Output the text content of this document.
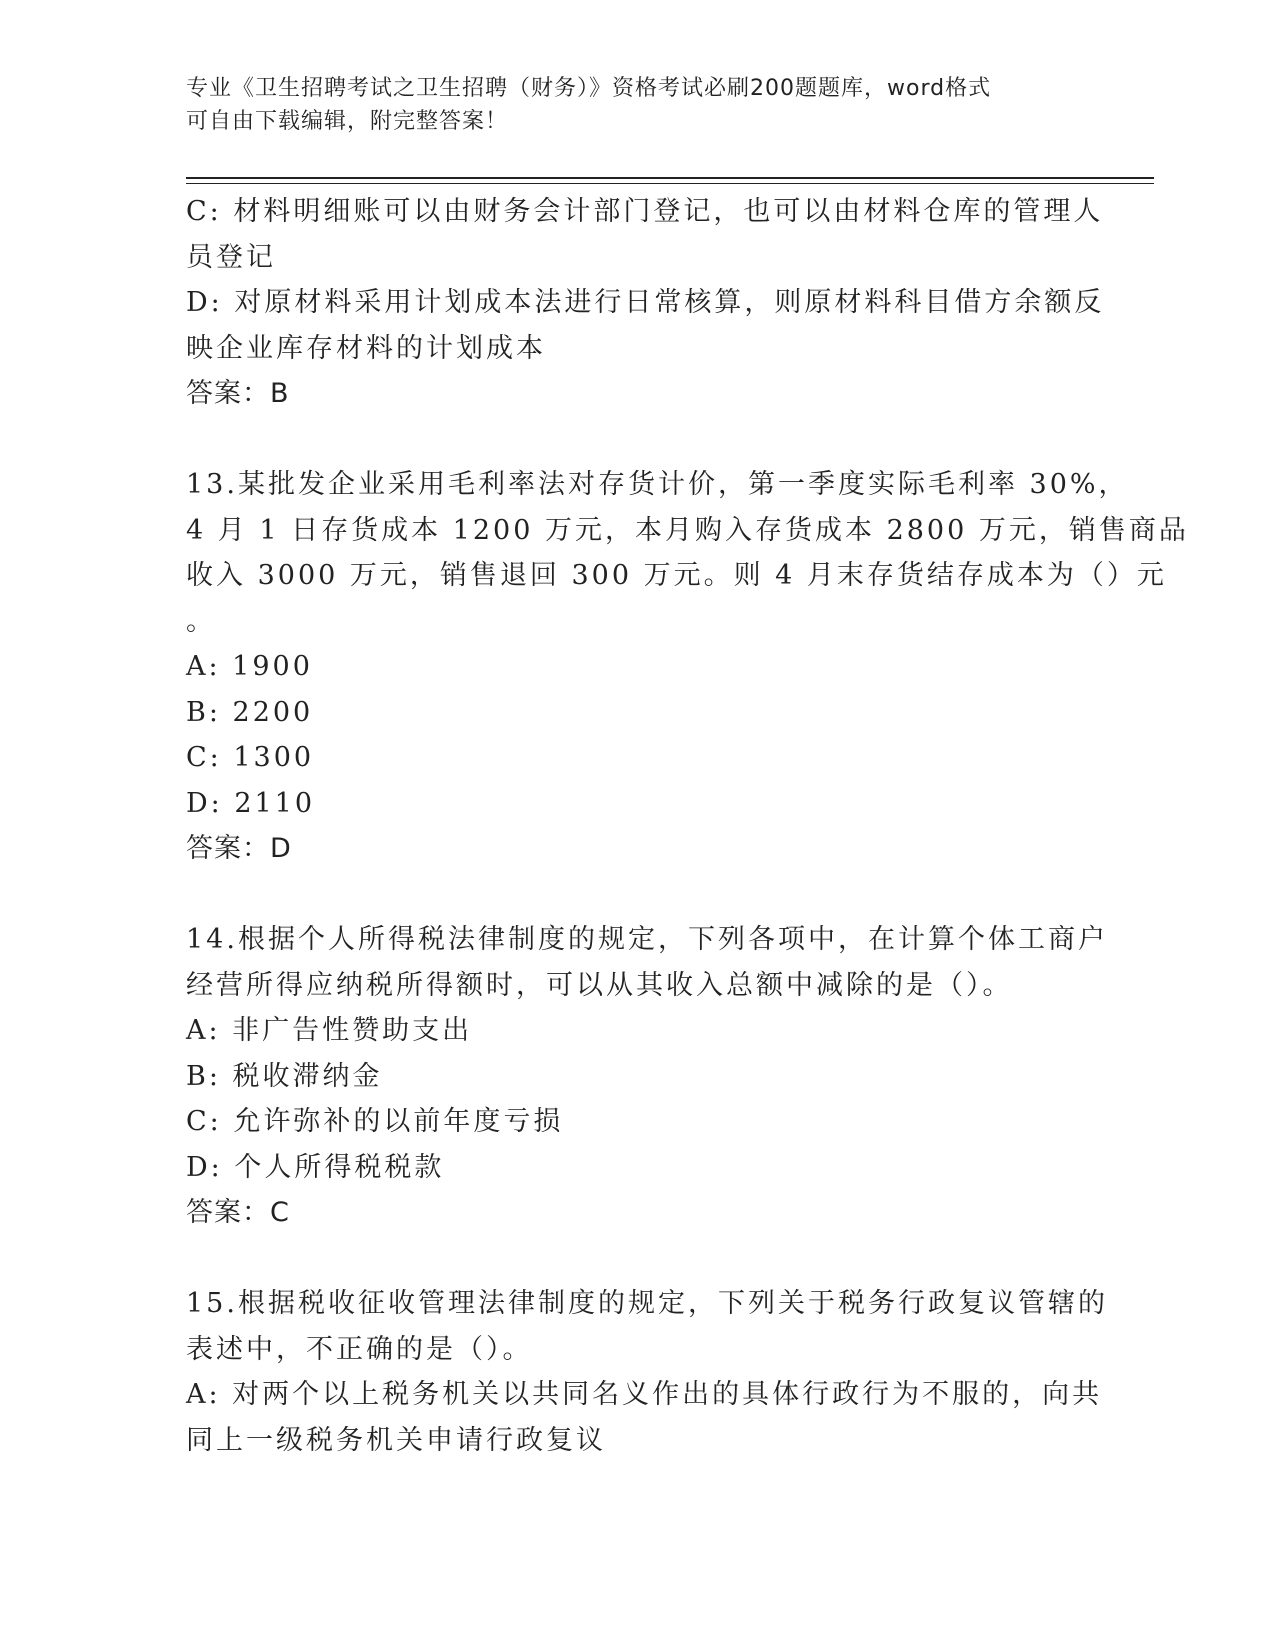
专业《卫生招聘考试之卫生招聘（财务）》资格考试必刷200题题库，word格式
可自由下载编辑，附完整答案！
C: 材料明细账可以由财务会计部门登记，也可以由材料仓库的管理人
员登记
D: 对原材料采用计划成本法进行日常核算，则原材料科目借方余额反
映企业库存材料的计划成本
答案：B
13.某批发企业采用毛利率法对存货计价，第一季度实际毛利率 30%，
4 月 1 日存货成本 1200 万元，本月购入存货成本 2800 万元，销售商品
收入 3000 万元，销售退回 300 万元。则 4 月末存货结存成本为（）元
。
A: 1900
B: 2200
C: 1300
D: 2110
答案：D
14.根据个人所得税法律制度的规定，下列各项中，在计算个体工商户
经营所得应纳税所得额时，可以从其收入总额中减除的是（）。
A: 非广告性赞助支出
B: 税收滞纳金
C: 允许弥补的以前年度亏损
D: 个人所得税税款
答案：C
15.根据税收征收管理法律制度的规定，下列关于税务行政复议管辖的
表述中，不正确的是（）。
A: 对两个以上税务机关以共同名义作出的具体行政行为不服的，向共
同上一级税务机关申请行政复议
